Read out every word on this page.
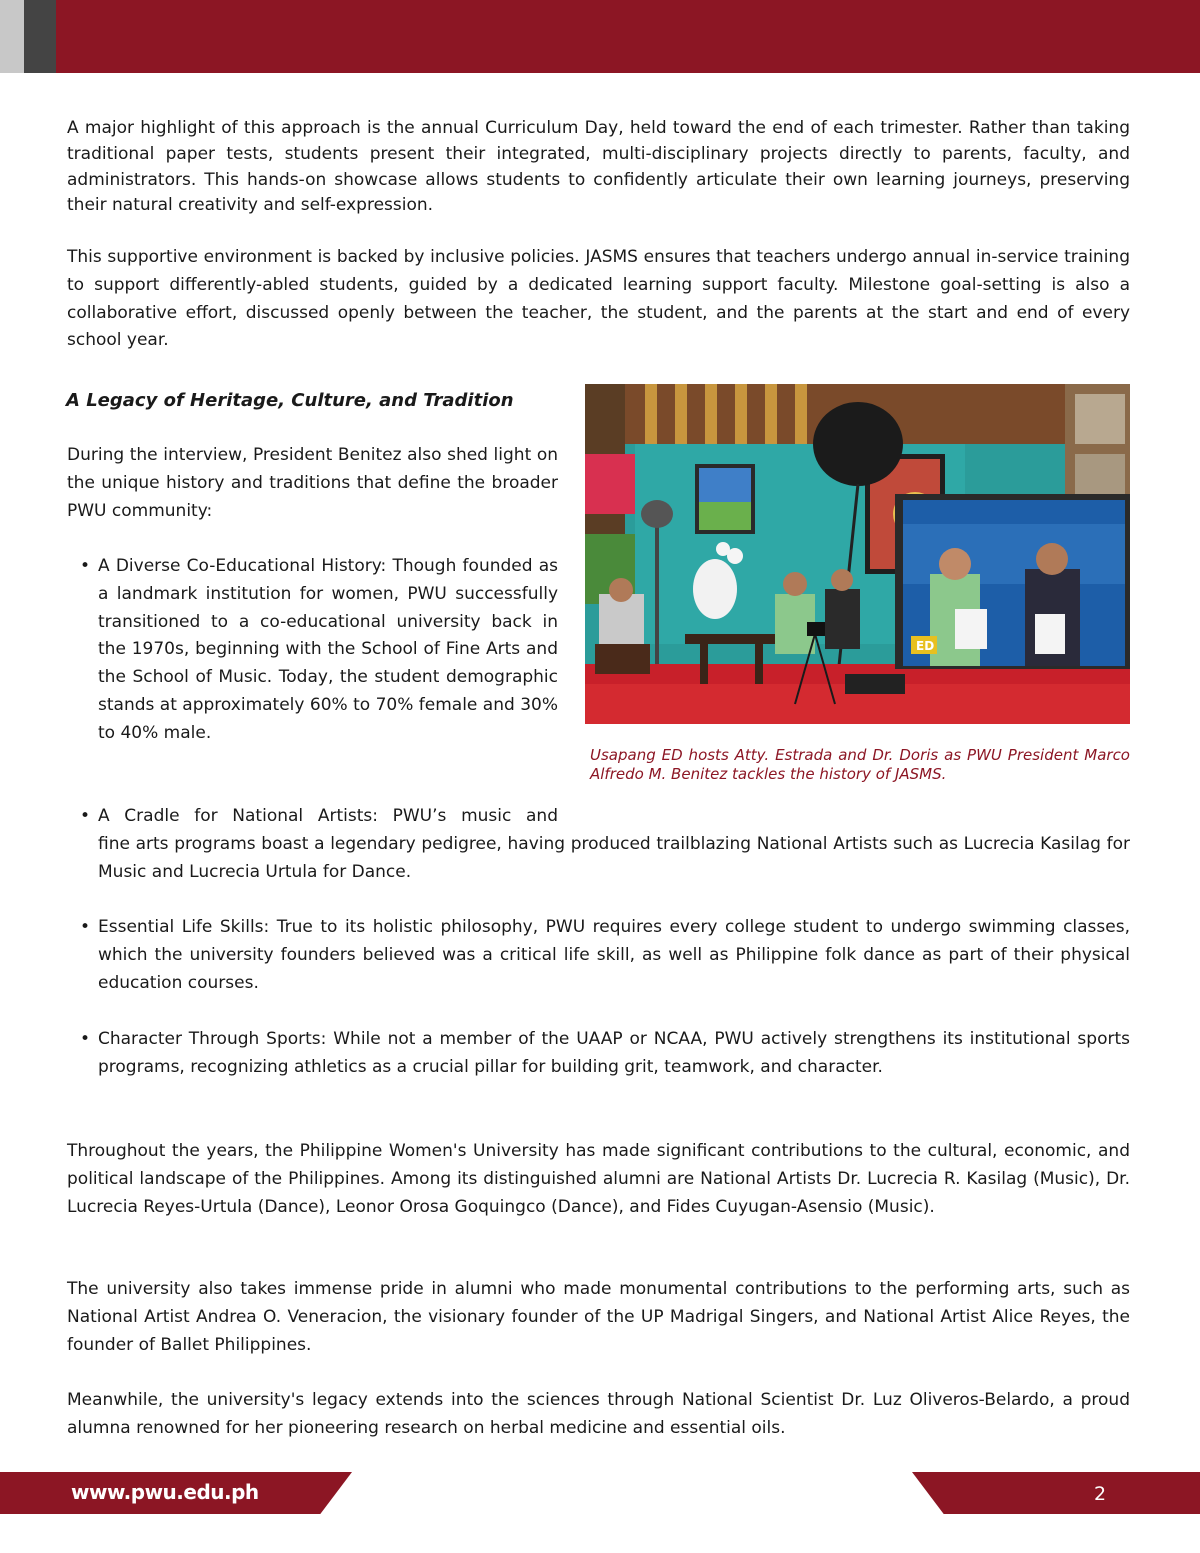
A major highlight of this approach is the annual Curriculum Day, held toward the end of each trimester. Rather than taking traditional paper tests, students present their integrated, multi-disciplinary projects directly to parents, faculty, and administrators. This hands-on showcase allows students to confidently articulate their own learning journeys, preserving their natural creativity and self-expression.

This supportive environment is backed by inclusive policies. JASMS ensures that teachers undergo annual in-service training to support differently-abled students, guided by a dedicated learning support faculty. Milestone goal-setting is also a collaborative effort, discussed openly between the teacher, the student, and the parents at the start and end of every school year.

A Legacy of Heritage, Culture, and Tradition

During the interview, President Benitez also shed light on the unique history and traditions that define the broader PWU community:

• A Diverse Co-Educational History: Though founded as a landmark institution for women, PWU successfully transitioned to a co-educational university back in the 1970s, beginning with the School of Fine Arts and the School of Music. Today, the student demographic stands at approximately 60% to 70% female and 30% to 40% male.
ED

Usapang ED hosts Atty. Estrada and Dr. Doris as PWU President Marco Alfredo M. Benitez tackles the history of JASMS.

• A Cradle for National Artists: PWU’s music and
fine arts programs boast a legendary pedigree, having produced trailblazing National Artists such as Lucrecia Kasilag for Music and Lucrecia Urtula for Dance.
• Essential Life Skills: True to its holistic philosophy, PWU requires every college student to undergo swimming classes, which the university founders believed was a critical life skill, as well as Philippine folk dance as part of their physical education courses.
• Character Through Sports: While not a member of the UAAP or NCAA, PWU actively strengthens its institutional sports programs, recognizing athletics as a crucial pillar for building grit, teamwork, and character.

Throughout the years, the Philippine Women's University has made significant contributions to the cultural, economic, and political landscape of the Philippines. Among its distinguished alumni are National Artists Dr. Lucrecia R. Kasilag (Music), Dr. Lucrecia Reyes-Urtula (Dance), Leonor Orosa Goquingco (Dance), and Fides Cuyugan-Asensio (Music).

The university also takes immense pride in alumni who made monumental contributions to the performing arts, such as National Artist Andrea O. Veneracion, the visionary founder of the UP Madrigal Singers, and National Artist Alice Reyes, the founder of Ballet Philippines.

Meanwhile, the university's legacy extends into the sciences through National Scientist Dr. Luz Oliveros-Belardo, a proud alumna renowned for her pioneering research on herbal medicine and essential oils.

www.pwu.edu.ph	2
